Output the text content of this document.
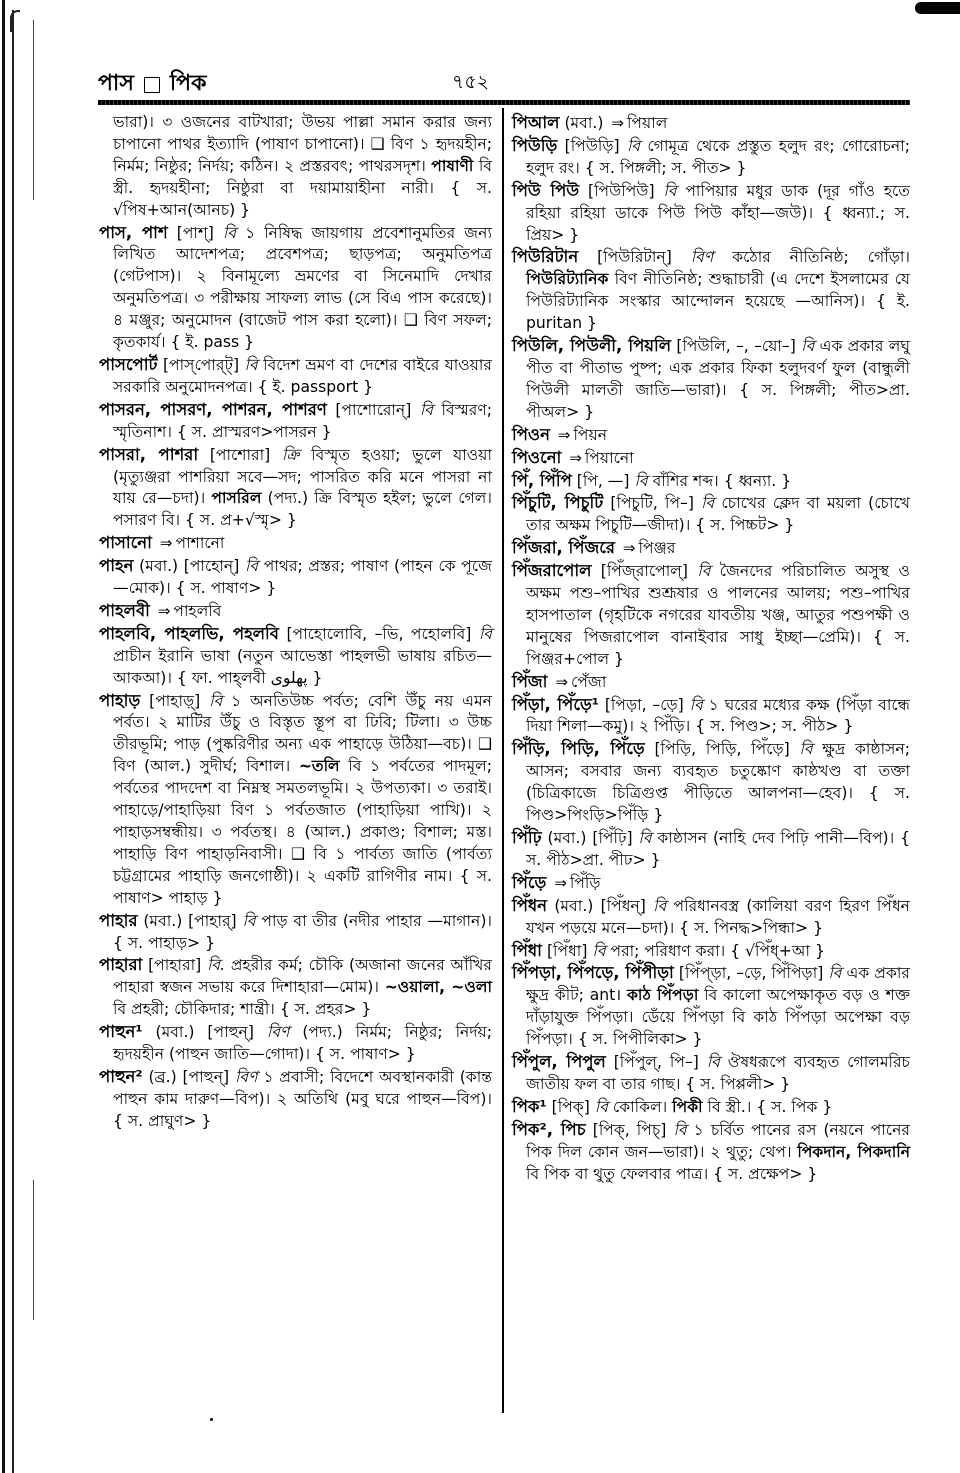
পাস পিক	৭৫২

ভারা)। ৩ ওজনের বাটখারা; উভয় পাল্লা সমান করার জন্য চাপানো পাথর ইত্যাদি (পাষাণ চাপানো)। ❑ বিণ ১ হৃদয়হীন; নির্মম; নিষ্ঠুর; নির্দয়; কঠিন। ২ প্রস্তরবৎ; পাথরসদৃশ। পাষাণী বি স্ত্রী. হৃদয়হীনা; নিষ্ঠুরা বা দয়ামায়াহীনা নারী। { স. √পিষ+আন(আনচ) }

পাস, পাশ [পাশ্] বি ১ নিষিদ্ধ জায়গায় প্রবেশানুমতির জন্য লিখিত আদেশপত্র; প্রবেশপত্র; ছাড়পত্র; অনুমতিপত্র (গেটপাস)। ২ বিনামূল্যে ভ্রমণের বা সিনেমাদি দেখার অনুমতিপত্র। ৩ পরীক্ষায় সাফল্য লাভ (সে বিএ পাস করেছে)। ৪ মঞ্জুর; অনুমোদন (বাজেট পাস করা হলো)। ❑ বিণ সফল; কৃতকার্য। { ই. pass }

পাসপোর্ট [পাস্‌পোর্‌ট্] বি বিদেশ ভ্রমণ বা দেশের বাইরে যাওয়ার সরকারি অনুমোদনপত্র। { ই. passport }

পাসরন, পাসরণ, পাশরন, পাশরণ [পাশোরোন্] বি বিস্মরণ; স্মৃতিনাশ। { স. প্রাস্মরণ>পাসরন }

পাসরা, পাশরা [পাশোরা] ক্রি বিস্মৃত হওয়া; ভুলে যাওয়া (মৃত্যুঞ্জরা পাশরিয়া সবে—সদ; পাসরিত করি মনে পাসরা না যায় রে—চদা)। পাসরিল (পদ্য.) ক্রি বিস্মৃত হইল; ভুলে গেল। পসারণ বি। { স. প্র+√স্মৃ> }

পাসানো ⇒ পাশানো

পাহন (মবা.) [পাহোন্] বি পাথর; প্রস্তর; পাষাণ (পাহন কে পূজে—মোক)। { স. পাষাণ> }

পাহলবী ⇒ পাহলবি

পাহলবি, পাহলভি, পহলবি [পাহোলোবি, –ভি, পহোলবি] বি প্রাচীন ইরানি ভাষা (নতুন আভেস্তা পাহলভী ভাষায় রচিত—আকআ)। { ফা. পাহ্‌লবী پهلوی }

পাহাড় [পাহাড়্] বি ১ অনতিউচ্চ পর্বত; বেশি উঁচু নয় এমন পর্বত। ২ মাটির উঁচু ও বিস্তৃত স্তূপ বা ঢিবি; টিলা। ৩ উচ্চ তীরভূমি; পাড় (পুষ্করিণীর অন্য এক পাহাড়ে উঠিয়া—বচ)। ❑ বিণ (আল.) সুদীর্ঘ; বিশাল। ~তলি বি ১ পর্বতের পাদমূল; পর্বতের পাদদেশ বা নিম্নস্থ সমতলভূমি। ২ উপত্যকা। ৩ তরাই। পাহাড়ে/পাহাড়িয়া বিণ ১ পর্বতজাত (পাহাড়িয়া পাখি)। ২ পাহাড়সম্বন্ধীয়। ৩ পর্বতস্থ। ৪ (আল.) প্রকাণ্ড; বিশাল; মস্ত। পাহাড়ি বিণ পাহাড়নিবাসী। ❑ বি ১ পার্বত্য জাতি (পার্বত্য চট্টগ্রামের পাহাড়ি জনগোষ্ঠী)। ২ একটি রাগিণীর নাম। { স. পাষাণ> পাহাড় }

পাহার (মবা.) [পাহার্] বি পাড় বা তীর (নদীর পাহার —মাগান)। { স. পাহাড়> }

পাহারা [পাহারা] বি. প্রহরীর কর্ম; চৌকি (অজানা জনের আঁখির পাহারা স্বজন সভায় করে দিশাহারা—মোম)। ~ওয়ালা, ~ওলা বি প্রহরী; চৌকিদার; শান্ত্রী। { স. প্রহর> }

পাহুন¹ (মবা.) [পাহুন্] বিণ (পদ্য.) নির্মম; নিষ্ঠুর; নির্দয়; হৃদয়হীন (পাহুন জাতি—গোদা)। { স. পাষাণ> }

পাহুন² (ব্র.) [পাহুন্] বিণ ১ প্রবাসী; বিদেশে অবস্থানকারী (কান্ত পাহুন কাম দারুণ—বিপ)। ২ অতিথি (মবু ঘরে পাহুন—বিপ)। { স. প্রাঘুণ> }

পিআল (মবা.) ⇒ পিয়াল

পিউড়ি [পিউড়ি] বি গোমূত্র থেকে প্রস্তুত হলুদ রং; গোরোচনা; হলুদ রং। { স. পিঙ্গলী; স. পীত> }

পিউ পিউ [পিউপিউ] বি পাপিয়ার মধুর ডাক (দূর গাঁও হতে রহিয়া রহিয়া ডাকে পিউ পিউ কাঁহা—জউ)। { ধ্বন্যা.; স. প্রিয়> }

পিউরিটান [পিউরিটান্] বিণ কঠোর নীতিনিষ্ঠ; গোঁড়া। পিউরিট্যানিক বিণ নীতিনিষ্ঠ; শুদ্ধাচারী (এ দেশে ইসলামের যে পিউরিট্যানিক সংস্কার আন্দোলন হয়েছে —আনিস)। { ই. puritan }

পিউলি, পিউলী, পিয়লি [পিউলি, –, –য়ো–] বি এক প্রকার লঘু পীত বা পীতাভ পুষ্প; এক প্রকার ফিকা হলুদবর্ণ ফুল (বান্ধুলী পিউলী মালতী জাতি—ভারা)। { স. পিঙ্গলী; পীত>প্রা. পীঅল> }

পিওন ⇒ পিয়ন

পিওনো ⇒ পিয়ানো

পিঁ, পিঁপি [পি, —] বি বাঁশির শব্দ। { ধ্বন্যা. }

পিঁচুটি, পিচুটি [পিচুটি, পি–] বি চোখের ক্লেদ বা ময়লা (চোখে তার অক্ষম পিচুটি—জীদা)। { স. পিচ্চট> }

পিঁজরা, পিঁজরে ⇒ পিঞ্জর

পিঁজরাপোল [পিঁজ্‌রাপোল্] বি জৈনদের পরিচালিত অসুস্থ ও অক্ষম পশু–পাখির শুশ্রূষার ও পালনের আলয়; পশু–পাখির হাসপাতাল (গৃহটিকে নগরের যাবতীয় খঞ্জ, আতুর পশুপক্ষী ও মানুষের পিজরাপোল বানাইবার সাধু ইচ্ছা—প্রেমি)। { স. পিঞ্জর+পোল }

পিঁজা ⇒ পেঁজা

পিঁড়া, পিঁড়ে¹ [পিড়া, –ড়ে] বি ১ ঘরের মধ্যের কক্ষ (পিঁড়া বান্ধে দিয়া শিলা—কমু)। ২ পিঁড়ি। { স. পিণ্ড>; স. পীঠ> }

পিঁড়ি, পিড়ি, পিঁড়ে [পিড়ি, পিড়ি, পিঁড়ে] বি ক্ষুদ্র কাষ্ঠাসন; আসন; বসবার জন্য ব্যবহৃত চতুষ্কোণ কাষ্ঠখণ্ড বা তক্তা (চিত্রিকাজে চিত্রিগুপ্ত পীড়িতে আলপনা—হেব)। { স. পিণ্ড>পিংড়ি>পিঁড়ি }

পিঁঢ়ি (মবা.) [পিঁঢ়ি] বি কাষ্ঠাসন (নাহি দেব পিঢ়ি পানী—বিপ)। { স. পীঠ>প্রা. পীঢ> }

পিঁড়ে ⇒ পিঁড়ি

পিঁধন (মবা.) [পিঁধন্] বি পরিধানবস্ত্র (কালিয়া বরণ হিরণ পিঁধন যখন পড়য়ে মনে—চদা)। { স. পিনদ্ধ>পিন্ধা> }

পিঁধা [পিঁধা] বি পরা; পরিধাণ করা। { √পিঁধ্+আ }

পিঁপড়া, পিঁপড়ে, পিঁপীড়া [পিঁপ্‌ড়া, –ড়ে, পিঁপিড়া] বি এক প্রকার ক্ষুদ্র কীট; ant। কাঠ পিঁপড়া বি কালো অপেক্ষাকৃত বড় ও শক্ত দাঁড়াযুক্ত পিঁপড়া। ডেঁয়ে পিঁপড়া বি কাঠ পিঁপড়া অপেক্ষা বড় পিঁপড়া। { স. পিপীলিকা> }

পিঁপুল, পিপুল [পিঁপুল্, পি–] বি ঔষধরূপে ব্যবহৃত গোলমরিচ জাতীয় ফল বা তার গাছ। { স. পিপ্পলী> }

পিক¹ [পিক্] বি কোকিল। পিকী বি স্ত্রী.। { স. পিক }

পিক², পিচ [পিক্, পিচ্] বি ১ চর্বিত পানের রস (নয়নে পানের পিক দিল কোন জন—ভারা)। ২ থুতু; থেপ। পিকদান, পিকদানি বি পিক বা থুতু ফেলবার পাত্র। { স. প্রক্ষেপ> }
